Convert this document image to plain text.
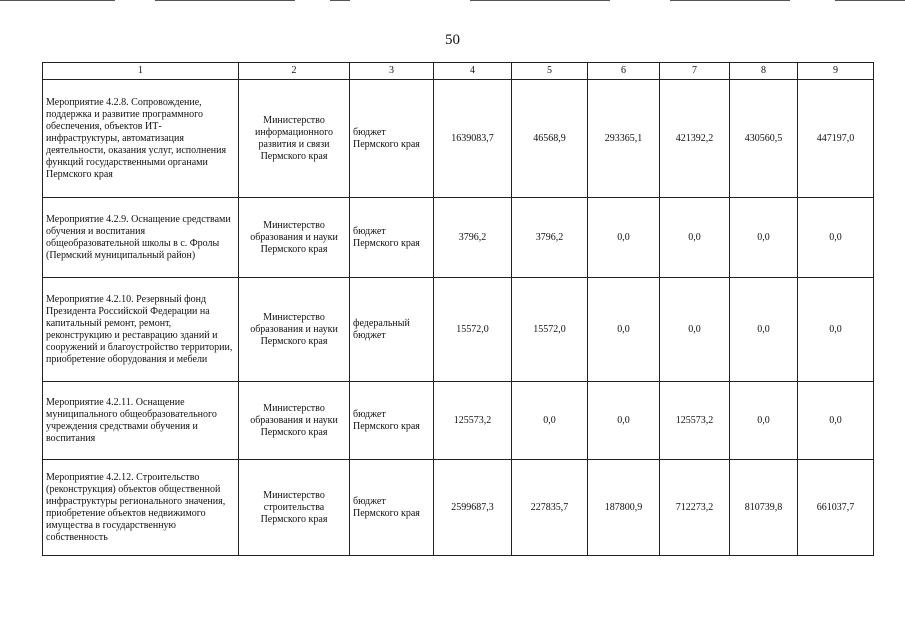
50
1	2	3	4	5	6	7	8	9
Мероприятие 4.2.8. Сопровождение, поддержка и развитие программного обеспечения, объектов ИТ-инфраструктуры, автоматизация деятельности, оказания услуг, исполнения функций государственными органами Пермского края	Министерство информационного развития и связи Пермского края	бюджет Пермского края	1639083,7	46568,9	293365,1	421392,2	430560,5	447197,0
Мероприятие 4.2.9. Оснащение средствами обучения и воспитания общеобразовательной школы в с. Фролы (Пермский муниципальный район)	Министерство образования и науки Пермского края	бюджет Пермского края	3796,2	3796,2	0,0	0,0	0,0	0,0
Мероприятие 4.2.10. Резервный фонд Президента Российской Федерации на капитальный ремонт, ремонт, реконструкцию и реставрацию зданий и сооружений и благоустройство территории, приобретение оборудования и мебели	Министерство образования и науки Пермского края	федеральный бюджет	15572,0	15572,0	0,0	0,0	0,0	0,0
Мероприятие 4.2.11. Оснащение муниципального общеобразовательного учреждения средствами обучения и воспитания	Министерство образования и науки Пермского края	бюджет Пермского края	125573,2	0,0	0,0	125573,2	0,0	0,0
Мероприятие 4.2.12. Строительство (реконструкция) объектов общественной инфраструктуры регионального значения, приобретение объектов недвижимого имущества в государственную собственность	Министерство строительства Пермского края	бюджет Пермского края	2599687,3	227835,7	187800,9	712273,2	810739,8	661037,7
